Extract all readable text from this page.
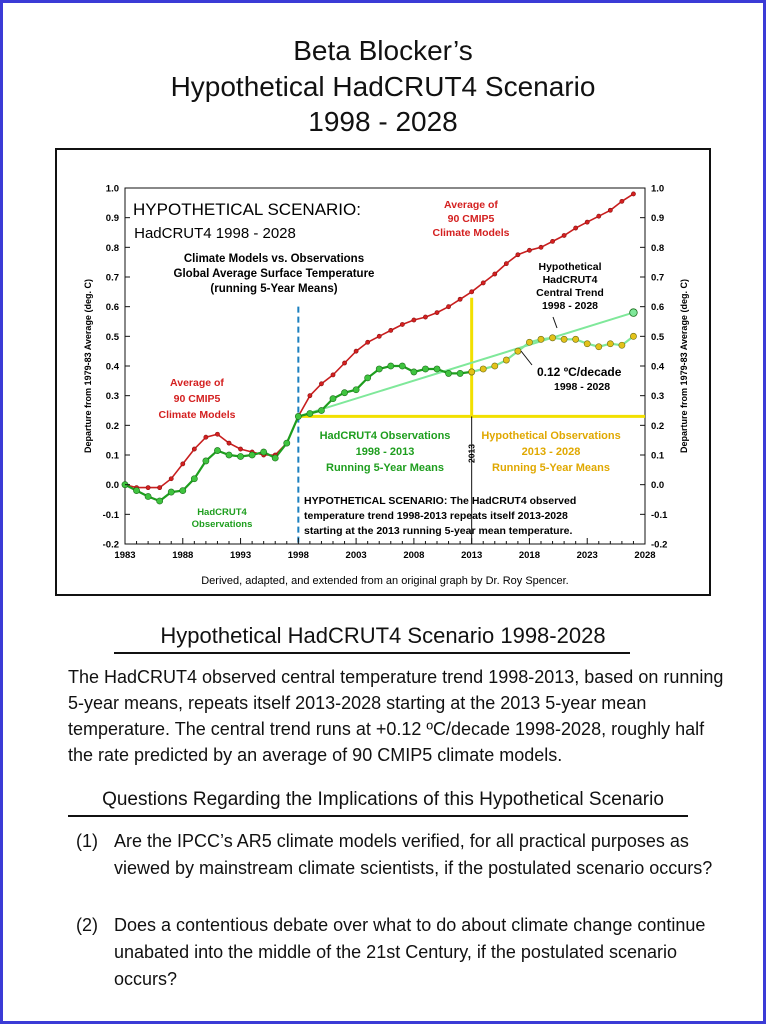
Beta Blocker’s
Hypothetical HadCRUT4 Scenario
1998 - 2028
2013
HYPOTHETICAL SCENARIO:
HadCRUT4 1998 - 2028
Climate Models vs. Observations
Global Average Surface Temperature
(running 5-Year Means)
Average of
90 CMIP5
Climate Models
Average of
90 CMIP5
Climate Models
HadCRUT4
Observations
Hypothetical
HadCRUT4
Central Trend
1998 - 2028
0.12 ºC/decade
1998 - 2028
HadCRUT4 Observations
1998 - 2013
Running 5-Year Means
Hypothetical Observations
2013 - 2028
Running 5-Year Means
HYPOTHETICAL SCENARIO: The HadCRUT4 observed
temperature trend 1998-2013 repeats itself 2013-2028
starting at the 2013 running 5-year mean temperature.
Derived, adapted, and extended from an original graph by Dr. Roy Spencer.
1.0	1.0
0.9	0.9
0.8	0.8
0.7	0.7
0.6	0.6
0.5	0.5
0.4	0.4
0.3	0.3
0.2	0.2
0.1	0.1
0.0	0.0
-0.1	-0.1
-0.2	-0.2
1983	1988	1993	1998	2003	2008	2013	2018	2023	2028
Departure from 1979-83 Average (deg. C)	Departure from 1979-83 Average (deg. C)
Hypothetical HadCRUT4 Scenario 1998-2028
The HadCRUT4 observed central temperature trend 1998-2013, based on running 5-year means, repeats itself 2013-2028 starting at the 2013 5-year mean temperature. The central trend runs at +0.12 ºC/decade 1998-2028, roughly half the rate predicted by an average of 90 CMIP5 climate models.
Questions Regarding the Implications of this Hypothetical Scenario
(1) Are the IPCC’s AR5 climate models verified, for all practical purposes as viewed by mainstream climate scientists, if the postulated scenario occurs?
(2) Does a contentious debate over what to do about climate change continue unabated into the middle of the 21st Century, if the postulated scenario occurs?
